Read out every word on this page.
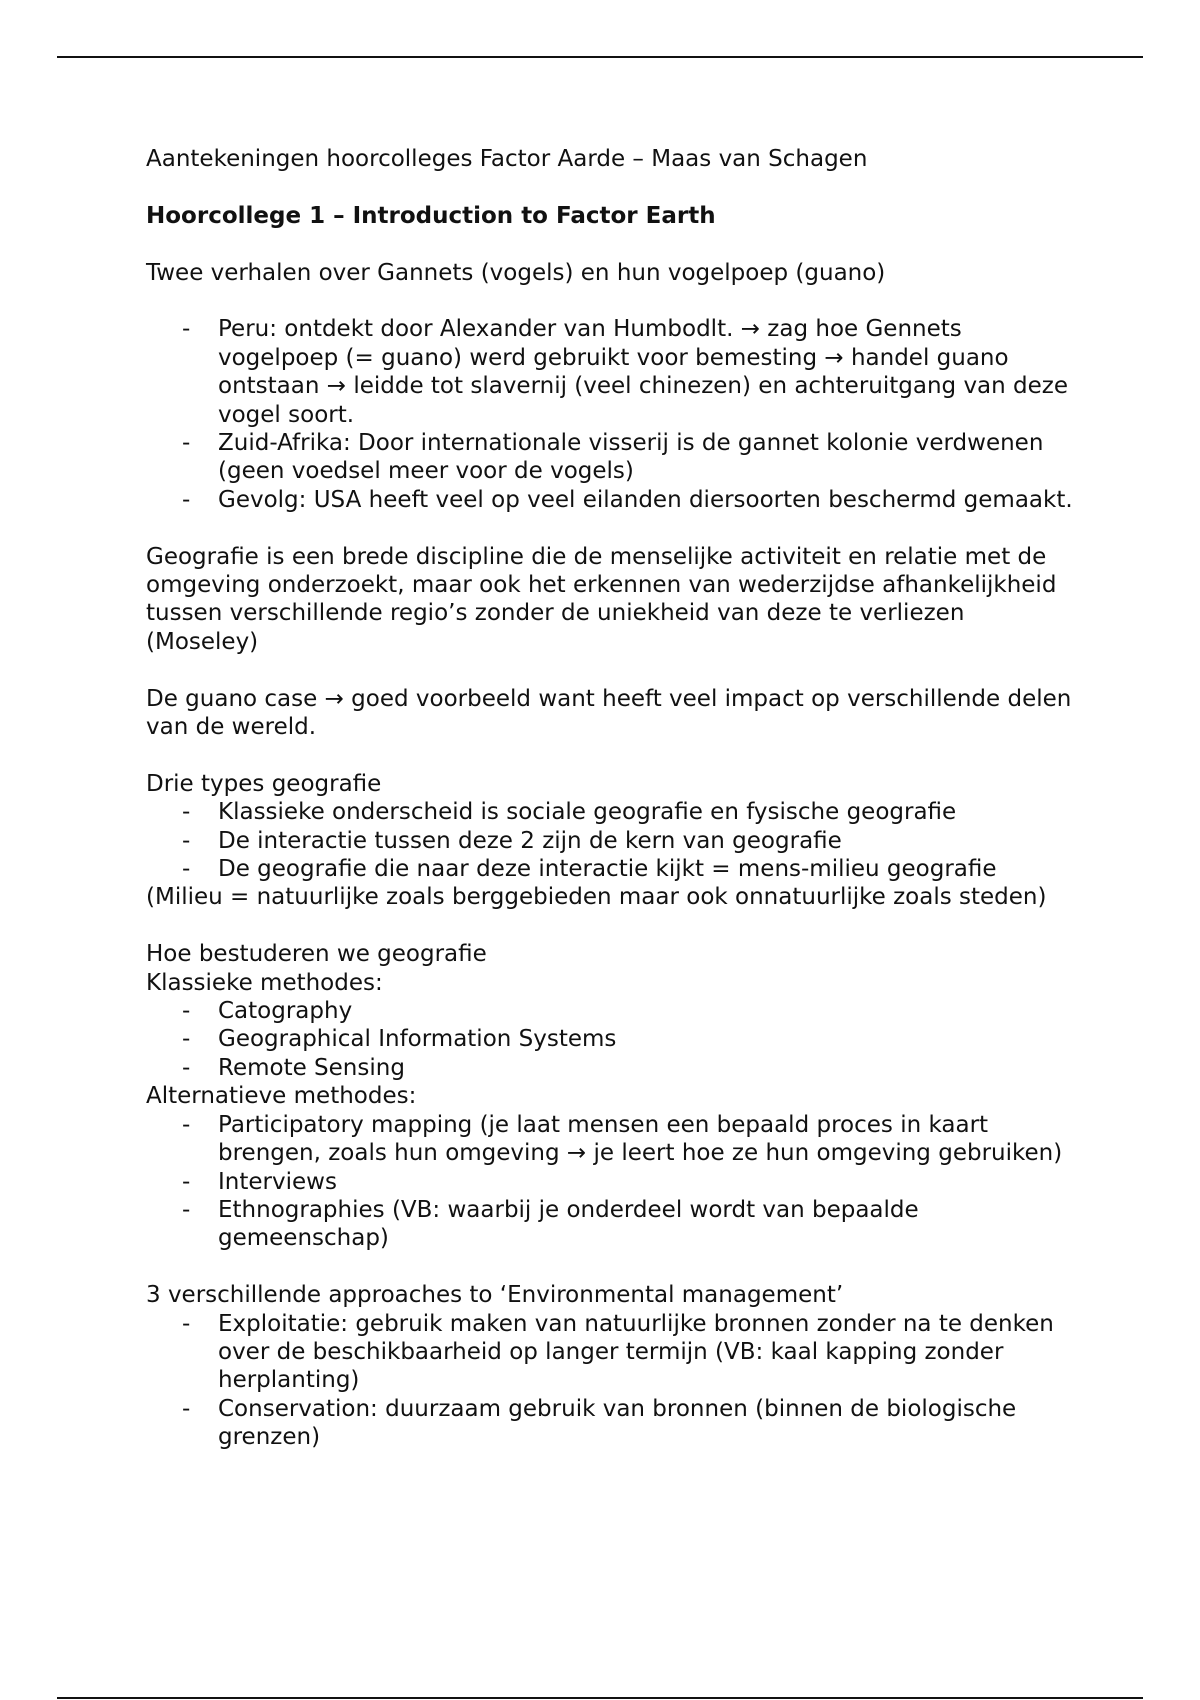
Aantekeningen hoorcolleges Factor Aarde – Maas van Schagen

Hoorcollege 1 – Introduction to Factor Earth

Twee verhalen over Gannets (vogels) en hun vogelpoep (guano)

- Peru: ontdekt door Alexander van Humbodlt. → zag hoe Gennets vogelpoep (= guano) werd gebruikt voor bemesting → handel guano ontstaan → leidde tot slavernij (veel chinezen) en achteruitgang van deze vogel soort.
- Zuid-Afrika: Door internationale visserij is de gannet kolonie verdwenen (geen voedsel meer voor de vogels)
- Gevolg: USA heeft veel op veel eilanden diersoorten beschermd gemaakt.

Geografie is een brede discipline die de menselijke activiteit en relatie met de omgeving onderzoekt, maar ook het erkennen van wederzijdse afhankelijkheid tussen verschillende regio’s zonder de uniekheid van deze te verliezen (Moseley)

De guano case → goed voorbeeld want heeft veel impact op verschillende delen van de wereld.

Drie types geografie

- Klassieke onderscheid is sociale geografie en fysische geografie
- De interactie tussen deze 2 zijn de kern van geografie
- De geografie die naar deze interactie kijkt = mens-milieu geografie

(Milieu = natuurlijke zoals berggebieden maar ook onnatuurlijke zoals steden)

Hoe bestuderen we geografie

Klassieke methodes:

- Catography
- Geographical Information Systems
- Remote Sensing

Alternatieve methodes:

- Participatory mapping (je laat mensen een bepaald proces in kaart brengen, zoals hun omgeving → je leert hoe ze hun omgeving gebruiken)
- Interviews
- Ethnographies (VB: waarbij je onderdeel wordt van bepaalde gemeenschap)

3 verschillende approaches to ‘Environmental management’

- Exploitatie: gebruik maken van natuurlijke bronnen zonder na te denken over de beschikbaarheid op langer termijn (VB: kaal kapping zonder herplanting)
- Conservation: duurzaam gebruik van bronnen (binnen de biologische grenzen)
